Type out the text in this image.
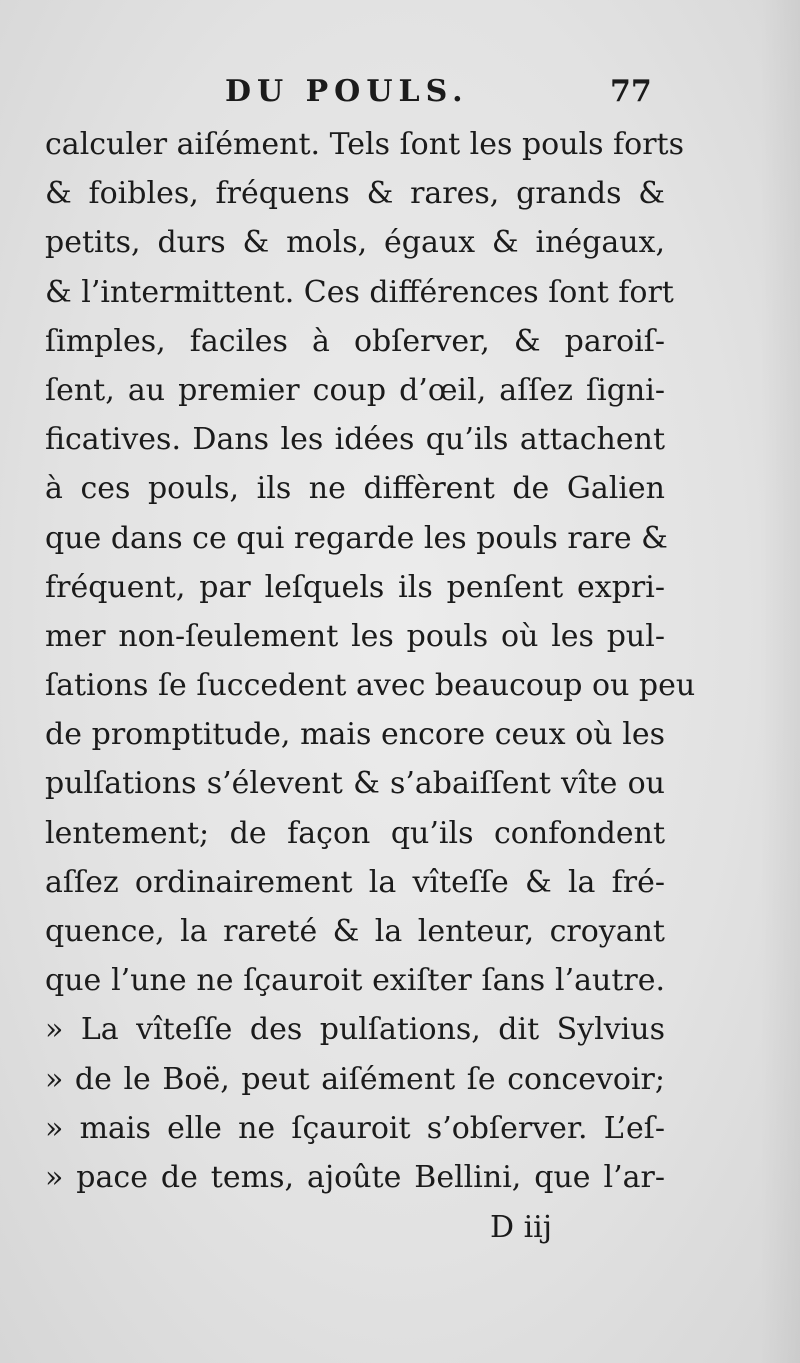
DU POULS.	77
calculer aiſément. Tels ſont les pouls forts
& foibles, fréquens & rares, grands &
petits, durs & mols, égaux & inégaux,
& l’intermittent. Ces différences ſont fort
ſimples, faciles à obſerver, & paroiſ-
ſent, au premier coup d’œil, aſſez ſigni-
ficatives. Dans les idées qu’ils attachent
à ces pouls, ils ne diffèrent de Galien
que dans ce qui regarde les pouls rare &
fréquent, par leſquels ils penſent expri-
mer non-ſeulement les pouls où les pul-
ſations ſe ſuccedent avec beaucoup ou peu
de promptitude, mais encore ceux où les
pulſations s’élevent & s’abaiſſent vîte ou
lentement; de façon qu’ils confondent
aſſez ordinairement la vîteſſe & la fré-
quence, la rareté & la lenteur, croyant
que l’une ne ſçauroit exiſter ſans l’autre.
» La vîteſſe des pulſations, dit Sylvius
» de le Boë, peut aiſément ſe concevoir;
» mais elle ne ſçauroit s’obſerver. L’eſ-
» pace de tems, ajoûte Bellini, que l’ar-
D iij
